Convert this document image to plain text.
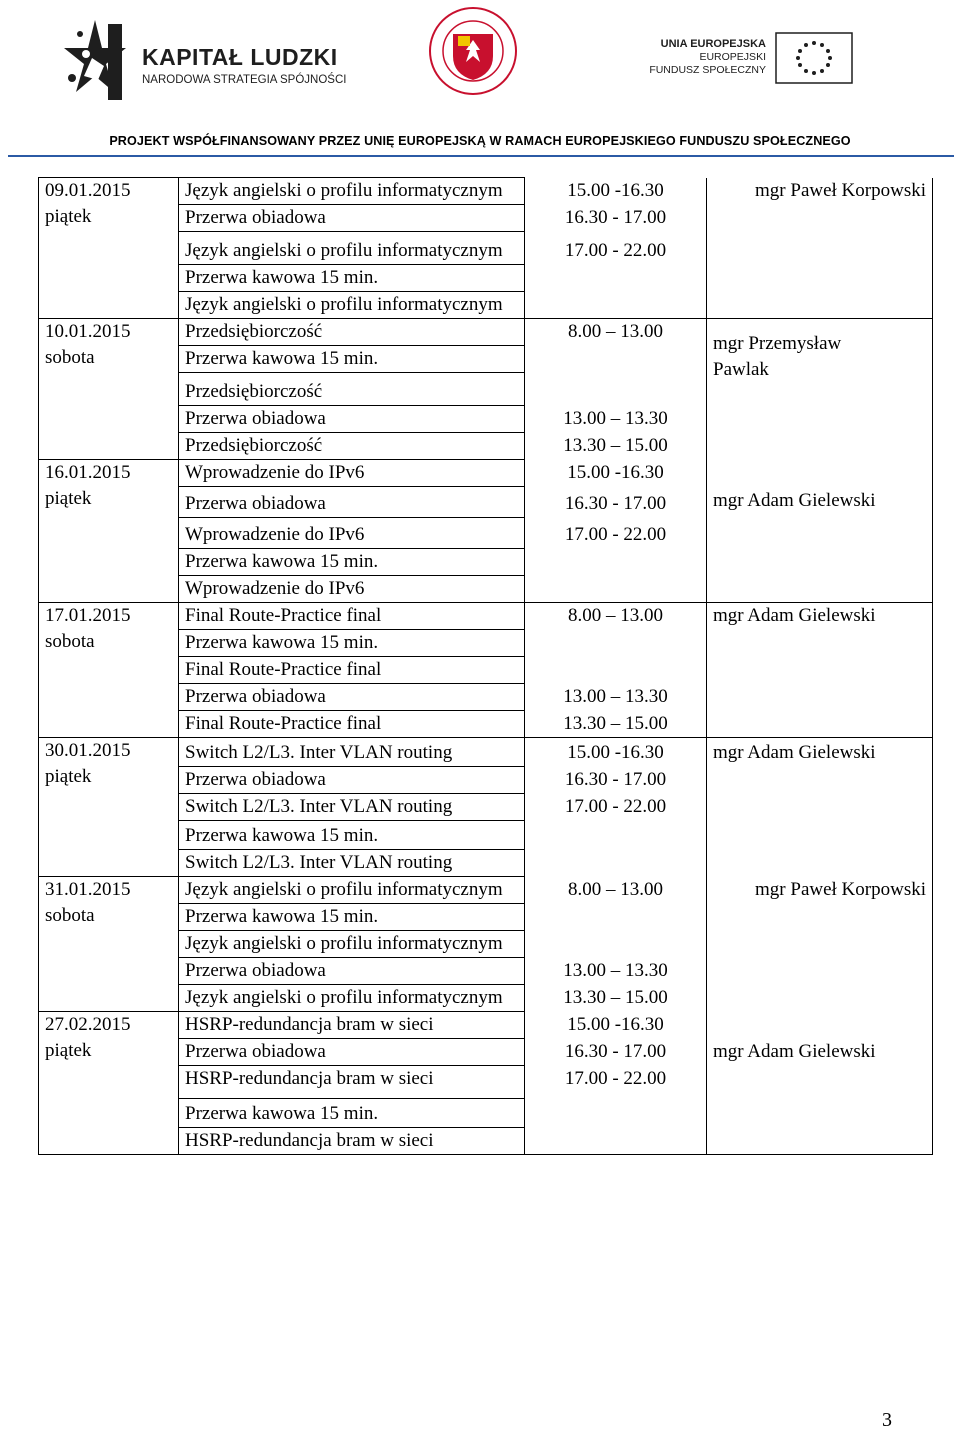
KAPITAŁ LUDZKI
NARODOWA STRATEGIA SPÓJNOŚCI
UNIA EUROPEJSKA
EUROPEJSKI
FUNDUSZ SPOŁECZNY
PROJEKT WSPÓŁFINANSOWANY PRZEZ UNIĘ EUROPEJSKĄ W RAMACH EUROPEJSKIEGO FUNDUSZU SPOŁECZNEGO
09.01.2015
piątek	Język angielski o profilu informatycznym	15.00 -16.30	mgr Paweł Korpowski
	Przerwa obiadowa	16.30 - 17.00	
	Język angielski o profilu informatycznym	17.00 - 22.00	
	Przerwa kawowa 15 min.		
	Język angielski o profilu informatycznym		

10.01.2015
sobota	Przedsiębiorczość	8.00 – 13.00	mgr Przemysław Pawlak
	Przerwa kawowa 15 min.		
	Przedsiębiorczość		
	Przerwa obiadowa	13.00 – 13.30	
	Przedsiębiorczość	13.30 – 15.00	

16.01.2015
piątek	Wprowadzenie do IPv6	15.00 -16.30	mgr Adam Gielewski
	Przerwa obiadowa	16.30 - 17.00	
	Wprowadzenie do IPv6	17.00 - 22.00	
	Przerwa kawowa 15 min.		
	Wprowadzenie do IPv6		

17.01.2015
sobota	Final Route-Practice final	8.00 – 13.00	mgr Adam Gielewski
	Przerwa kawowa 15 min.		
	Final Route-Practice final		
	Przerwa obiadowa	13.00 – 13.30	
	Final Route-Practice final	13.30 – 15.00	

30.01.2015
piątek	Switch L2/L3. Inter VLAN routing	15.00 -16.30	mgr Adam Gielewski
	Przerwa obiadowa	16.30 - 17.00	
	Switch L2/L3. Inter VLAN routing	17.00 - 22.00	
	Przerwa kawowa 15 min.		
	Switch L2/L3. Inter VLAN routing		

31.01.2015
sobota	Język angielski o profilu informatycznym	8.00 – 13.00	mgr Paweł Korpowski
	Przerwa kawowa 15 min.		
	Język angielski o profilu informatycznym		
	Przerwa obiadowa	13.00 – 13.30	
	Język angielski o profilu informatycznym	13.30 – 15.00	

27.02.2015
piątek	HSRP-redundancja bram w sieci	15.00 -16.30	mgr Adam Gielewski
	Przerwa obiadowa	16.30 - 17.00	
	HSRP-redundancja bram w sieci	17.00 - 22.00	
	Przerwa kawowa 15 min.		
	HSRP-redundancja bram w sieci		
3
